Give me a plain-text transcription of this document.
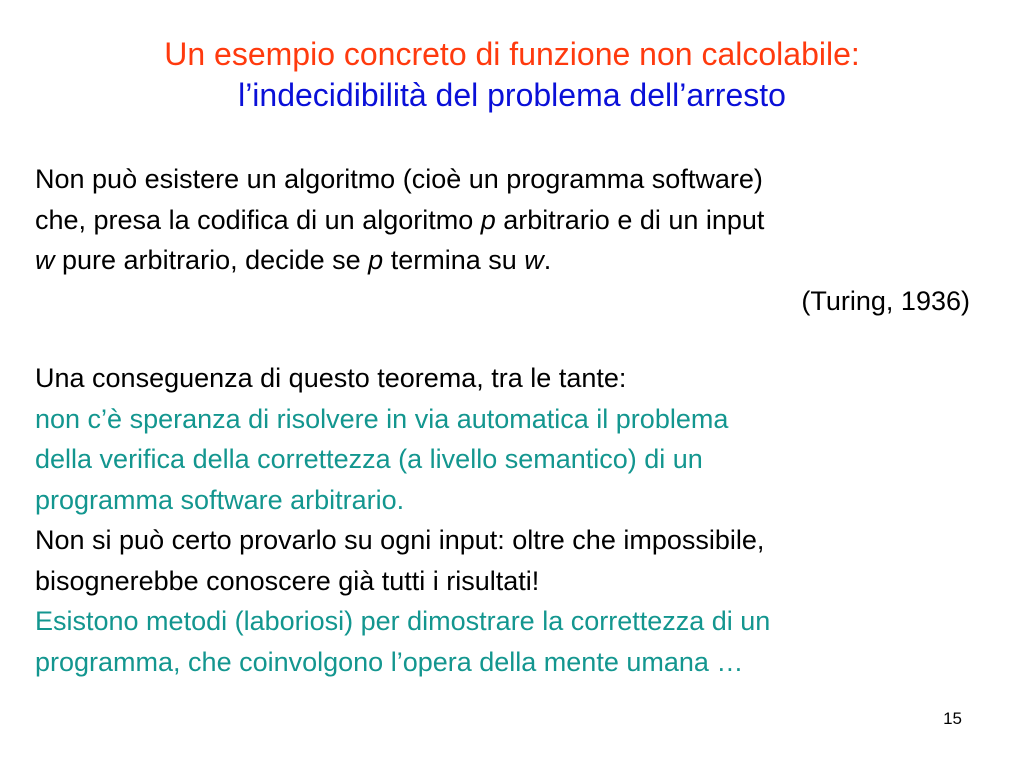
Un esempio concreto di funzione non calcolabile:
l’indecidibilità del problema dell’arresto
Non può esistere un algoritmo (cioè un programma software)
che, presa la codifica di un algoritmo p arbitrario e di un input
w pure arbitrario, decide se p termina su w.
(Turing, 1936)
Una conseguenza di questo teorema, tra le tante:
non c’è speranza di risolvere in via automatica il problema
della verifica della correttezza (a livello semantico) di un
programma software arbitrario.
Non si può certo provarlo su ogni input: oltre che impossibile,
bisognerebbe conoscere già tutti i risultati!
Esistono metodi (laboriosi) per dimostrare la correttezza di un
programma, che coinvolgono l’opera della mente umana …
15
